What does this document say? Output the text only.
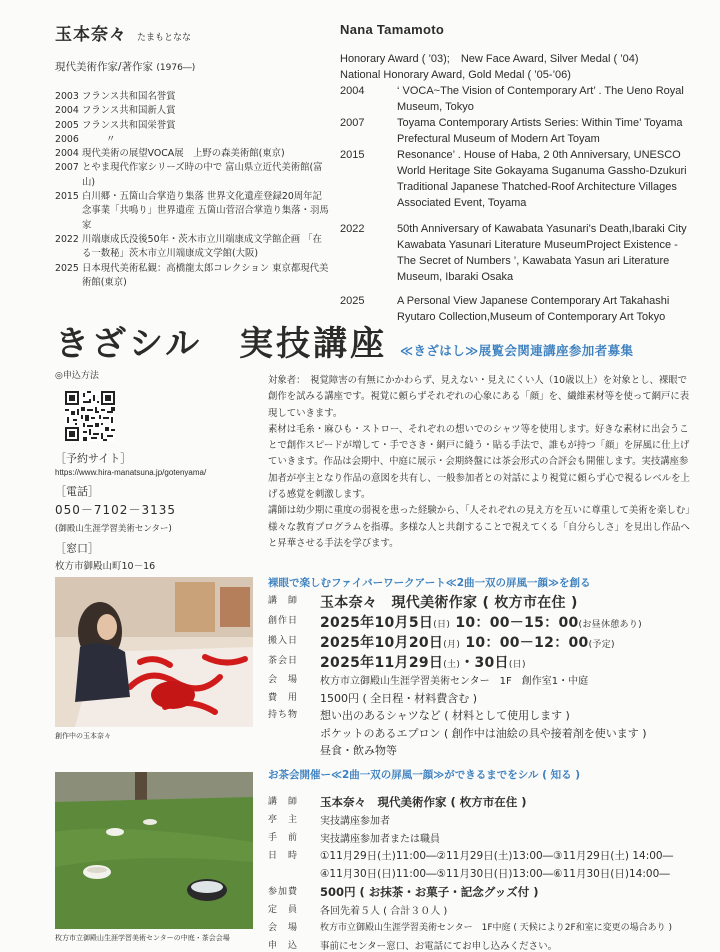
玉本奈々 たまもとなな
現代美術作家/著作家 (1976―)
2003 フランス共和国名誉賞
2004 フランス共和国新人賞
2005 フランス共和国栄誉賞
2006	〃
2004 現代美術の展望VOCA展　上野の森美術館(東京)
2007 とやま現代作家シリーズ時の中で 富山県立近代美術館(富山)
2015 白川郷・五箇山合掌造り集落 世界文化遺産登録20周年記念事業「共鳴り」世界遺産 五箇山菅沼合掌造り集落・羽馬家
2022 川端康成氏没後50年・茨木市立川端康成文学館企画 「在る一数秘」茨木市立川端康成文学館(大阪)
2025 日本現代美術私観：高橋龍太郎コレクション 東京都現代美術館(東京)
Nana Tamamoto
Honorary Award ( ’03);　New Face Award, Silver Medal ( ’04)
National Honorary Award, Gold Medal ( ’05-’06)
2004	‘ VOCA~The Vision of Contemporary Art’ . The Ueno Royal Museum, Tokyo
2007	Toyama Contemporary Artists Series: Within Time’ Toyama Prefectural Museum of Modern Art Toyam
2015	Resonance’ . House of Haba, 2 0th Anniversary, UNESCO World Heritage Site Gokayama Suganuma Gassho-Dzukuri Traditional Japanese Thatched-Roof Architecture Villages Associated Event, Toyama
2022	50th Anniversary of Kawabata Yasunari's Death,Ibaraki City Kawabata Yasunari Literature MuseumProject Existence - The Secret of Numbers ’, Kawabata Yasun ari Literature Museum, Ibaraki Osaka
2025	A Personal View Japanese Contemporary Art Takahashi Ryutaro Collection,Museum of Contemporary Art Tokyo
きざシル　実技講座 ≪きざはし≫展覧会関連講座参加者募集
◎申込方法
［予約サイト］
https://www.hira-manatsuna.jp/gotenyama/
［電話］
050－7102－3135
(御殿山生涯学習美術センター)
［窓口］
枚方市御殿山町10－16

対象者：　視覚障害の有無にかかわらず、見えない・見えにくい人（10歳以上）を対象とし、裸眼で創作を試みる講座です。視覚に頼らずそれぞれの心象にある「顔」を、繊維素材等を使って網戸に表現していきます。

素材は毛糸・麻ひも・ストロー、それぞれの想いでのシャツ等を使用します。好きな素材に出会うことで創作スピードが増して・手でさき・網戸に縫う・貼る手法で、誰もが持つ「顔」を屏風に仕上げていきます。作品は会期中、中庭に展示・会期終盤には茶会形式の合評会も開催します。実技講座参加者が亭主となり作品の意図を共有し、一般参加者との対話により視覚に頼らず心で視るレベルを上げる感覚を刺激します。

講師は幼少期に重度の弱視を患った経験から、「人それぞれの見え方を互いに尊重して美術を楽しむ」様々な教育プログラムを指導。多様な人と共創することで視えてくる「自分らしさ」を見出し作品へと昇華させる手法を学びます。

創作中の玉本奈々
裸眼で楽しむファイバーワークアート≪2曲一双の屏風一顔≫を創る
講　師	玉本奈々　現代美術作家 ( 枚方市在住 )
創作日	2025年10月5日(日) 10：00－15：00(お昼休憩あり)
搬入日	2025年10月20日(月) 10：00－12：00(予定)
茶会日	2025年11月29日(土)・30日(日)
会　場	枚方市立御殿山生涯学習美術センター　1F　創作室1・中庭
費　用	1500円 ( 全日程・材料費含む )
持ち物	想い出のあるシャツなど ( 材料として使用します )
ポケットのあるエプロン ( 創作中は油絵の具や接着剤を使います )
昼食・飲み物等
お茶会開催ー≪2曲一双の屏風一顔≫ができるまでをシル ( 知る )
枚方市立御殿山生涯学習美術センターの中庭・茶会会場
講　師	玉本奈々　現代美術作家 ( 枚方市在住 )
亭　主	実技講座参加者
手　前	実技講座参加者または職員
日　時	①11月29日(土)11:00―②11月29日(土)13:00―③11月29日(土) 14:00―
④11月30日(日)11:00―⑤11月30日(日)13:00―⑥11月30日(日)14:00―
参加費	500円 ( お抹茶・お菓子・記念グッズ付 )
定　員	各回先着５人 ( 合計３０人 )
会　場	枚方市立御殿山生涯学習美術センター　1F中庭 ( 天候により2F和室に変更の場合あり )
申　込	事前にセンター窓口、お電話にてお申し込みください。
